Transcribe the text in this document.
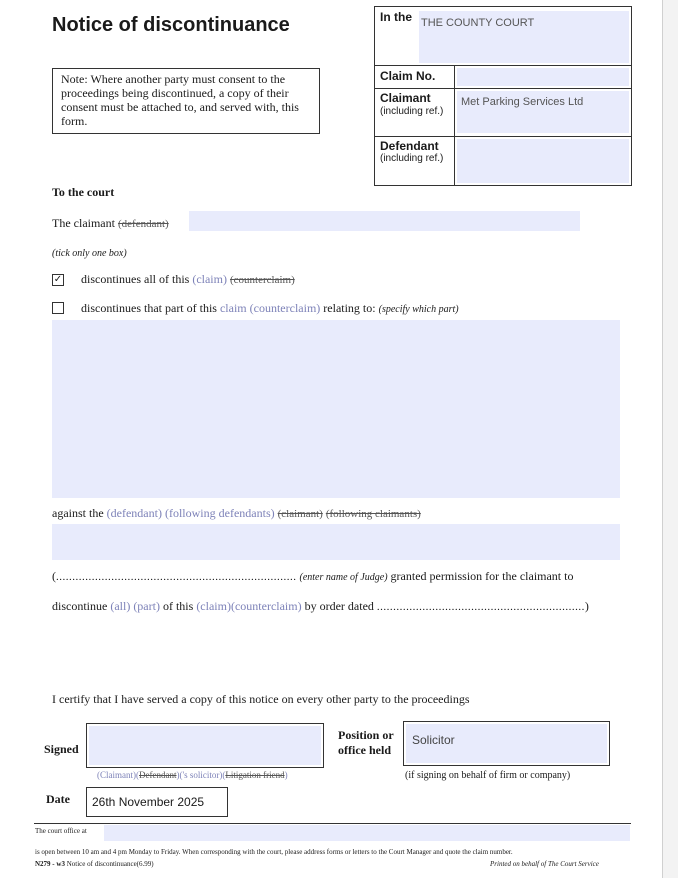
Notice of discontinuance
Note: Where another party must consent to the proceedings being discontinued, a copy of their consent must be attached to, and served with, this form.
In the THE COUNTY COURT
Claim No.
Claimant
(including ref.)
Met Parking Services Ltd
Defendant
(including ref.)
To the court
The claimant (defendant)
(tick only one box)
✓ discontinues all of this (claim) (counterclaim)
discontinues that part of this claim (counterclaim) relating to: (specify which part)
against the (defendant) (following defendants) (claimant) (following claimants)
(.......................................................................... (enter name of Judge) granted permission for the claimant to
discontinue (all) (part) of this (claim)(counterclaim) by order dated ................................................................)
I certify that I have served a copy of this notice on every other party to the proceedings
Signed
(Claimant)(Defendant)('s solicitor)(Litigation friend)
Position or office held
Solicitor
(if signing on behalf of firm or company)
Date 26th November 2025
The court office at
is open between 10 am and 4 pm Monday to Friday. When corresponding with the court, please address forms or letters to the Court Manager and quote the claim number.
N279 - w3 Notice of discontinuance(6.99)	Printed on behalf of The Court Service
